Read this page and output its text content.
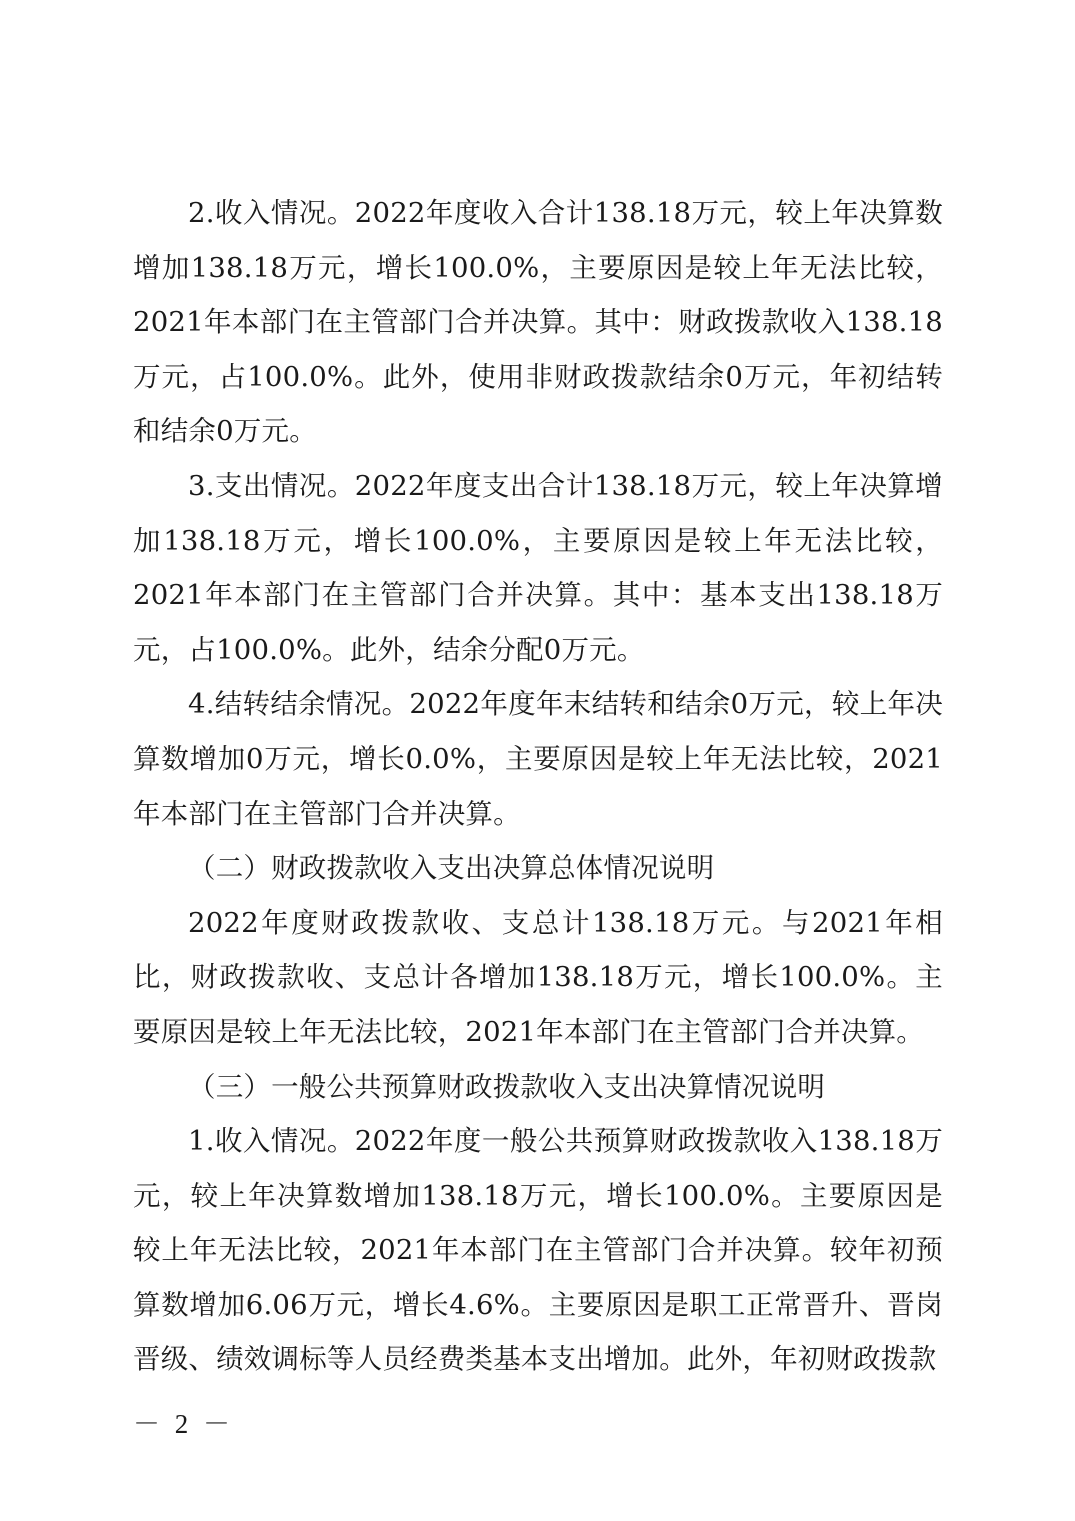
2.收入情况。2022年度收入合计138.18万元，较上年决算数增加138.18万元，增长100.0%，主要原因是较上年无法比较，2021年本部门在主管部门合并决算。其中：财政拨款收入138.18万元，占100.0%。此外，使用非财政拨款结余0万元，年初结转和结余0万元。

3.支出情况。2022年度支出合计138.18万元，较上年决算增加138.18万元，增长100.0%，主要原因是较上年无法比较，2021年本部门在主管部门合并决算。其中：基本支出138.18万元，占100.0%。此外，结余分配0万元。

4.结转结余情况。2022年度年末结转和结余0万元，较上年决算数增加0万元，增长0.0%，主要原因是较上年无法比较，2021年本部门在主管部门合并决算。

（二）财政拨款收入支出决算总体情况说明

2022年度财政拨款收、支总计138.18万元。与2021年相比，财政拨款收、支总计各增加138.18万元，增长100.0%。主要原因是较上年无法比较，2021年本部门在主管部门合并决算。

（三）一般公共预算财政拨款收入支出决算情况说明

1.收入情况。2022年度一般公共预算财政拨款收入138.18万元，较上年决算数增加138.18万元，增长100.0%。主要原因是较上年无法比较，2021年本部门在主管部门合并决算。较年初预算数增加6.06万元，增长4.6%。主要原因是职工正常晋升、晋岗晋级、绩效调标等人员经费类基本支出增加。此外，年初财政拨款

－ 2 －
